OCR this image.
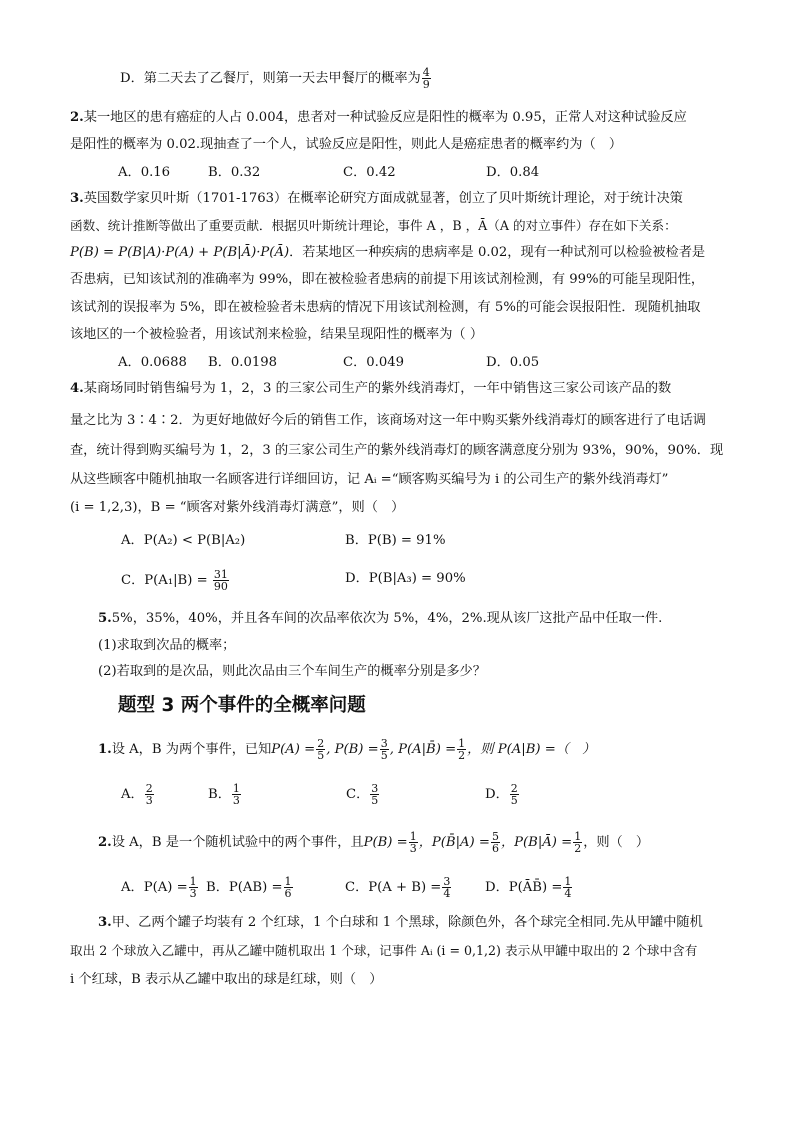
D．第二天去了乙餐厅，则第一天去甲餐厅的概率为 $\frac{4}{9}$
2.某一地区的患有癌症的人占 0.004，患者对一种试验反应是阳性的概率为 0.95，正常人对这种试验反应
是阳性的概率为 0.02.现抽查了一个人，试验反应是阳性，则此人是癌症患者的概率约为（　）
A．0.16	B．0.32	C．0.42	D．0.84
3.英国数学家贝叶斯（1701-1763）在概率论研究方面成就显著，创立了贝叶斯统计理论，对于统计决策
函数、统计推断等做出了重要贡献．根据贝叶斯统计理论，事件 A ，B ，Ā（A 的对立事件）存在如下关系：
P(B) = P(B|A)·P(A) + P(B|Ā)·P(Ā)．若某地区一种疾病的患病率是 0.02，现有一种试剂可以检验被检者是
否患病，已知该试剂的准确率为 99%，即在被检验者患病的前提下用该试剂检测，有 99%的可能呈现阳性，
该试剂的误报率为 5%，即在被检验者未患病的情况下用该试剂检测，有 5%的可能会误报阳性．现随机抽取
该地区的一个被检验者，用该试剂来检验，结果呈现阳性的概率为（ ）
A．0.0688 B．0.0198	C．0.049	D．0.05
4.某商场同时销售编号为 1，2，3 的三家公司生产的紫外线消毒灯，一年中销售这三家公司该产品的数
量之比为 3∶4∶2．为更好地做好今后的销售工作，该商场对这一年中购买紫外线消毒灯的顾客进行了电话调
查，统计得到购买编号为 1，2，3 的三家公司生产的紫外线消毒灯的顾客满意度分别为 93%，90%，90%．现
从这些顾客中随机抽取一名顾客进行详细回访，记 Aᵢ =“顾客购买编号为 i 的公司生产的紫外线消毒灯”
(i = 1,2,3)，B = “顾客对紫外线消毒灯满意”，则（　）
A．P(A₂) < P(B|A₂)	B．P(B) = 91%
C．$P(A_1|B) = \frac{31}{90}$	D．P(B|A₃) = 90%
5.5%，35%，40%，并且各车间的次品率依次为 5%，4%，2%.现从该厂这批产品中任取一件.
(1)求取到次品的概率；
(2)若取到的是次品，则此次品由三个车间生产的概率分别是多少？
题型 3 两个事件的全概率问题
1.设 A，B 为两个事件，已知$P(A) = \frac{2}{5}$ , $P(B) = \frac{3}{5}$ , P(A|B̄) = $\frac{1}{2}$ ，则 P(A|B) =（　）
A． $\frac{2}{3}$	B． $\frac{1}{3}$	C． $\frac{3}{5}$	D． $\frac{2}{5}$
2.设 A，B 是一个随机试验中的两个事件，且$P(B) = \frac{1}{3}$ ，P(B̄|A) = $\frac{5}{6}$ ，P(B|Ā) = $\frac{1}{2}$ ，则（　）
A．$P(A) = \frac{1}{3}$ B．$P(AB) = \frac{1}{6}$	C．$P(A + B) = \frac{3}{4}$	D．P(ĀB̄) = $\frac{1}{4}$
3.甲、乙两个罐子均装有 2 个红球，1 个白球和 1 个黑球，除颜色外，各个球完全相同.先从甲罐中随机
取出 2 个球放入乙罐中，再从乙罐中随机取出 1 个球，记事件 Aᵢ (i = 0,1,2) 表示从甲罐中取出的 2 个球中含有
i 个红球，B 表示从乙罐中取出的球是红球，则（　）
